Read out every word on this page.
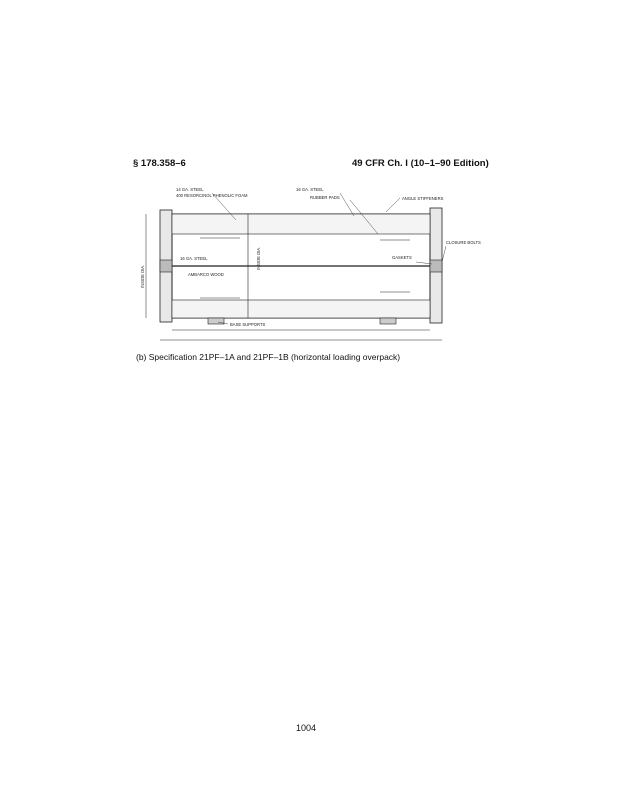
§ 178.358–6	49 CFR Ch. I (10–1–90 Edition)
14 GA. STEEL
400 RESORCINOL PHENOLIC FOAM
16 GA. STEEL
RUBBER PADS	ANGLE STIFFENERS
16 GA. STEEL
AMBARCO WOOD
GASKETS
CLOSURE BOLTS
BASE SUPPORTS
INSIDE DIA.
INSIDE DIA.
(b) Specification 21PF–1A and 21PF–1B (horizontal loading overpack)
1004
